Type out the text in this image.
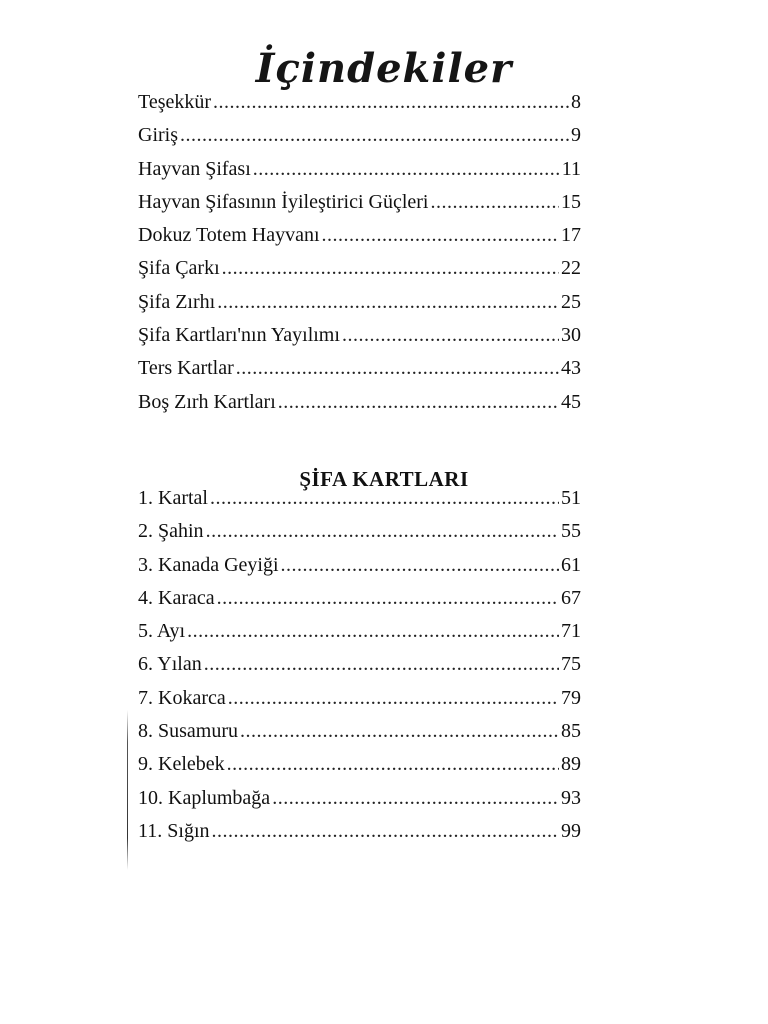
İçindekiler
Teşekkür .....	8
Giriş .....	9
Hayvan Şifası .....	11
Hayvan Şifasının İyileştirici Güçleri .....	15
Dokuz Totem Hayvanı .....	17
Şifa Çarkı .....	22
Şifa Zırhı .....	25
Şifa Kartları'nın Yayılımı .....	30
Ters Kartlar .....	43
Boş Zırh Kartları .....	45
ŞİFA KARTLARI
1. Kartal .....	51
2. Şahin .....	55
3. Kanada Geyiği .....	61
4. Karaca .....	67
5. Ayı .....	71
6. Yılan .....	75
7. Kokarca .....	79
8. Susamuru .....	85
9. Kelebek .....	89
10. Kaplumbağa .....	93
11. Sığın .....	99
